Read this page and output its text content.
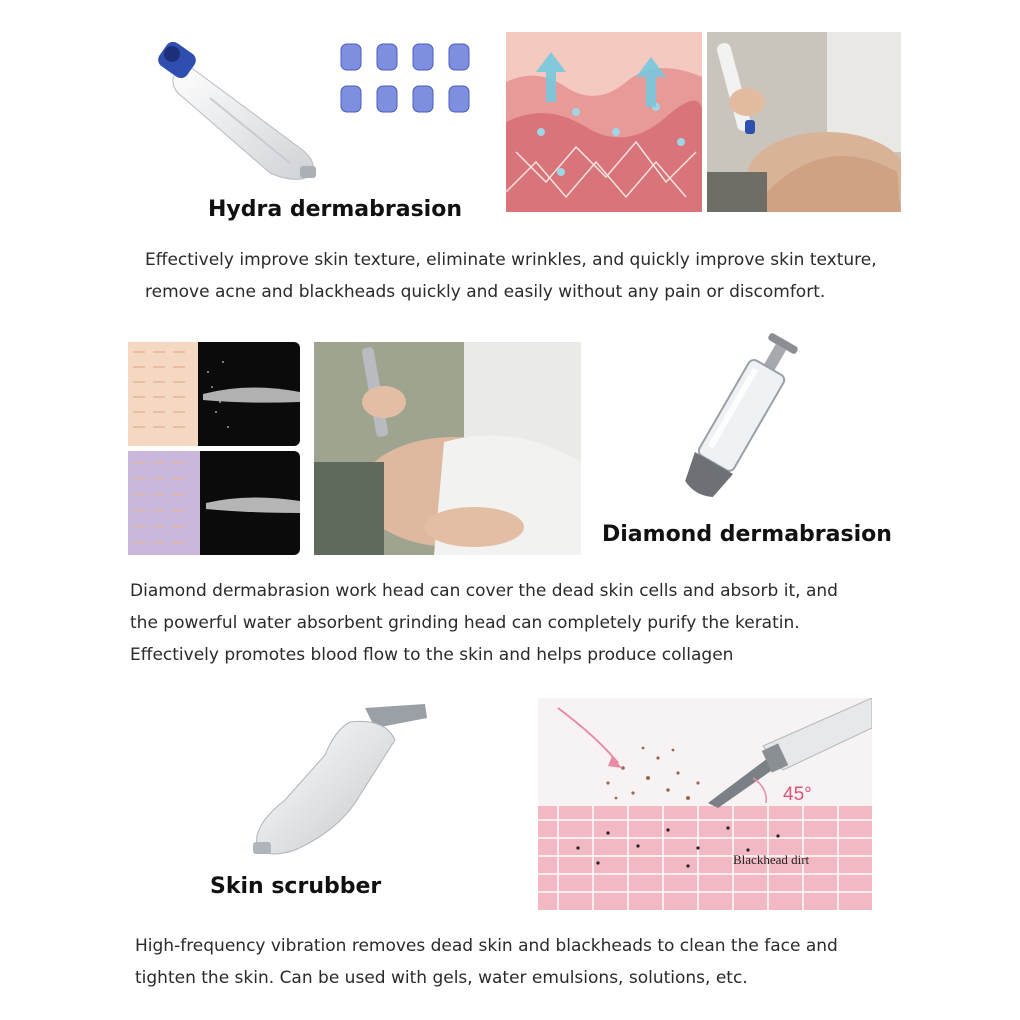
Hydra dermabrasion
Effectively improve skin texture, eliminate wrinkles, and quickly improve skin texture,
remove acne and blackheads quickly and easily without any pain or discomfort.
Diamond dermabrasion
Diamond dermabrasion work head can cover the dead skin cells and absorb it, and
the powerful water absorbent grinding head can completely purify the keratin.
Effectively promotes blood flow to the skin and helps produce collagen
45°
Blackhead dirt
Skin scrubber
High-frequency vibration removes dead skin and blackheads to clean the face and
tighten the skin. Can be used with gels, water emulsions, solutions, etc.
